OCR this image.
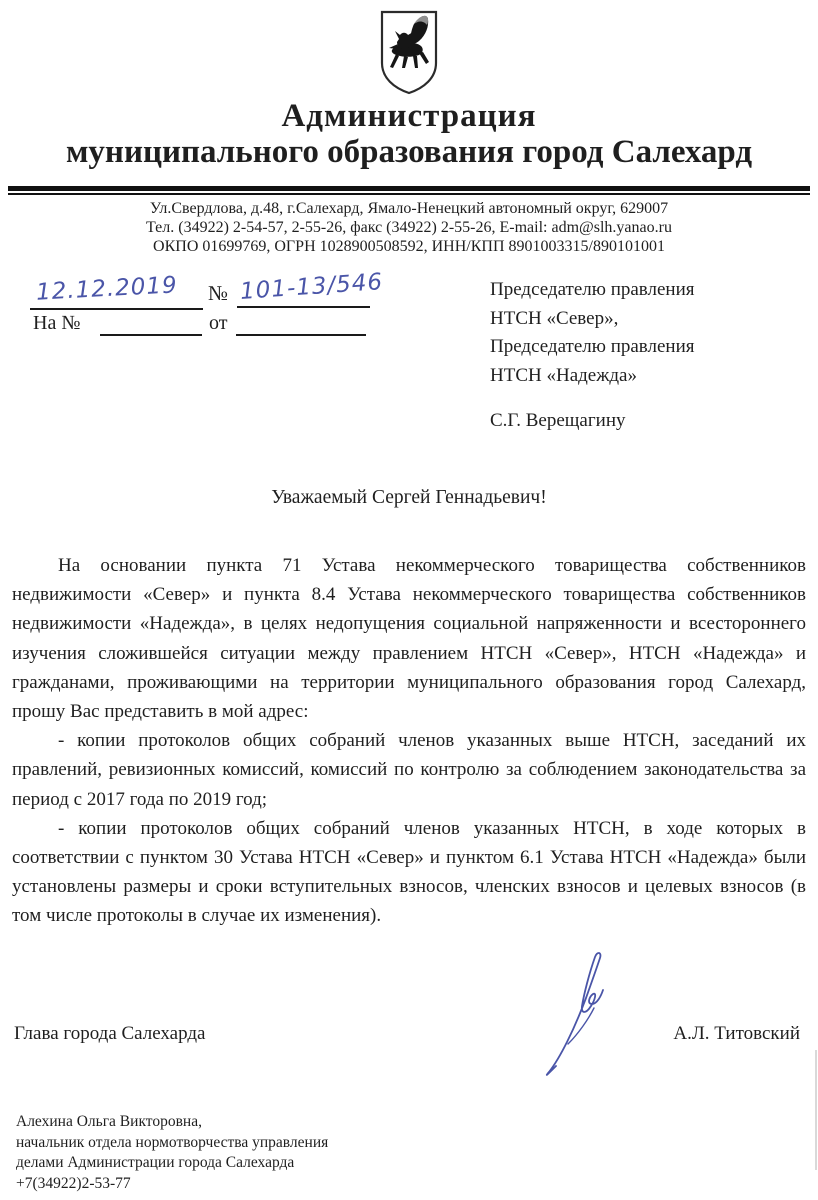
Администрация
муниципального образования город Салехард
Ул.Свердлова, д.48, г.Салехард, Ямало-Ненецкий автономный округ, 629007
Тел. (34922) 2-54-57, 2-55-26, факс (34922) 2-55-26, E-mail: adm@slh.yanao.ru
ОКПО 01699769, ОГРН 1028900508592, ИНН/КПП 8901003315/890101001
12.12.2019 № 101-13/546
На №	от
Председателю правления
НТСН «Север»,
Председателю правления
НТСН «Надежда»
С.Г. Верещагину
Уважаемый Сергей Геннадьевич!

На основании пункта 71 Устава некоммерческого товарищества собственников недвижимости «Север» и пункта 8.4 Устава некоммерческого товарищества собственников недвижимости «Надежда», в целях недопущения социальной напряженности и всестороннего изучения сложившейся ситуации между правлением НТСН «Север», НТСН «Надежда» и гражданами, проживающими на территории муниципального образования город Салехард, прошу Вас представить в мой адрес:

- копии протоколов общих собраний членов указанных выше НТСН, заседаний их правлений, ревизионных комиссий, комиссий по контролю за соблюдением законодательства за период с 2017 года по 2019 год;

- копии протоколов общих собраний членов указанных НТСН, в ходе которых в соответствии с пунктом 30 Устава НТСН «Север» и пунктом 6.1 Устава НТСН «Надежда» были установлены размеры и сроки вступительных взносов, членских взносов и целевых взносов (в том числе протоколы в случае их изменения).

Глава города Салехарда	А.Л. Титовский
Алехина Ольга Викторовна,
начальник отдела нормотворчества управления
делами Администрации города Салехарда
+7(34922)2-53-77
